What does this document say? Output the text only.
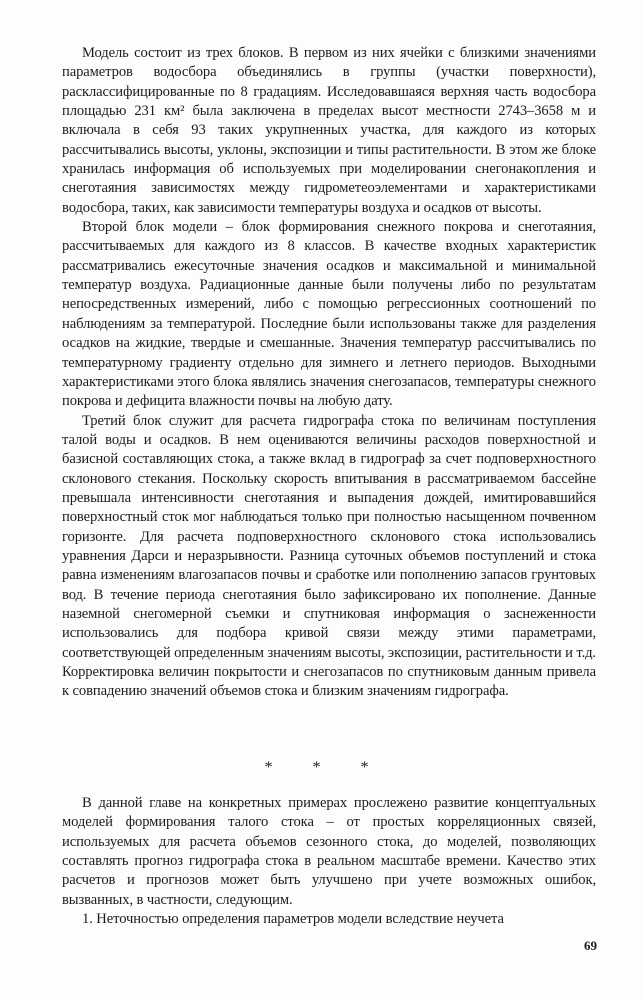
Модель состоит из трех блоков. В первом из них ячейки с близкими значениями параметров водосбора объединялись в группы (участки поверхности), расклассифицированные по 8 градациям. Исследовавшаяся верхняя часть водосбора площадью 231 км² была заключена в пределах высот местности 2743–3658 м и включала в себя 93 таких укрупненных участка, для каждого из которых рассчитывались высоты, уклоны, экспозиции и типы растительности. В этом же блоке хранилась информация об используемых при моделировании снегонакопления и снеготаяния зависимостях между гидрометеоэлементами и характеристиками водосбора, таких, как зависимости температуры воздуха и осадков от высоты.

Второй блок модели – блок формирования снежного покрова и снеготаяния, рассчитываемых для каждого из 8 классов. В качестве входных характеристик рассматривались ежесуточные значения осадков и максимальной и минимальной температур воздуха. Радиационные данные были получены либо по результатам непосредственных измерений, либо с помощью регрессионных соотношений по наблюдениям за температурой. Последние были использованы также для разделения осадков на жидкие, твердые и смешанные. Значения температур рассчитывались по температурному градиенту отдельно для зимнего и летнего периодов. Выходными характеристиками этого блока являлись значения снегозапасов, температуры снежного покрова и дефицита влажности почвы на любую дату.

Третий блок служит для расчета гидрографа стока по величинам поступления талой воды и осадков. В нем оцениваются величины расходов поверхностной и базисной составляющих стока, а также вклад в гидрограф за счет подповерхностного склонового стекания. Поскольку скорость впитывания в рассматриваемом бассейне превышала интенсивности снеготаяния и выпадения дождей, имитировавшийся поверхностный сток мог наблюдаться только при полностью насыщенном почвенном горизонте. Для расчета подповерхностного склонового стока использовались уравнения Дарси и неразрывности. Разница суточных объемов поступлений и стока равна изменениям влагозапасов почвы и сработке или пополнению запасов грунтовых вод. В течение периода снеготаяния было зафиксировано их пополнение. Данные наземной снегомерной съемки и спутниковая информация о заснеженности использовались для подбора кривой связи между этими параметрами, соответствующей определенным значениям высоты, экспозиции, растительности и т.д. Корректировка величин покрытости и снегозапасов по спутниковым данным привела к совпадению значений объемов стока и близким значениям гидрографа.

* * *

В данной главе на конкретных примерах прослежено развитие концептуальных моделей формирования талого стока – от простых корреляционных связей, используемых для расчета объемов сезонного стока, до моделей, позволяющих составлять прогноз гидрографа стока в реальном масштабе времени. Качество этих расчетов и прогнозов может быть улучшено при учете возможных ошибок, вызванных, в частности, следующим.

1. Неточностью определения параметров модели вследствие неучета

69
